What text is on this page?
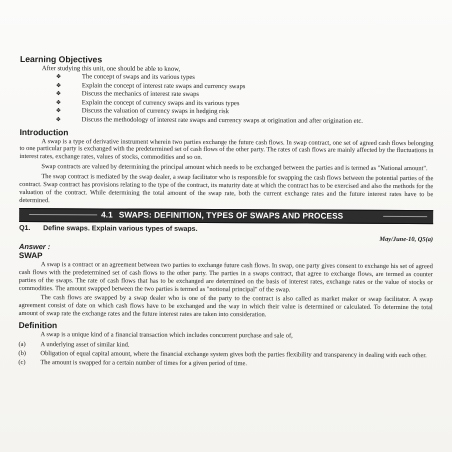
Learning Objectives
After studying this unit, one should be able to know,
❖	The concept of swaps and its various types
❖	Explain the concept of interest rate swaps and currency swaps
❖	Discuss the mechanics of interest rate swaps
❖	Explain the concept of currency swaps and its various types
❖	Discuss the valuation of currency swaps in hedging risk
❖	Discuss the methodology of interest rate swaps and currency swaps at origination and after origination etc.
Introduction

A swap is a type of derivative instrument wherein two parties exchange the future cash flows. In swap contract, one set of agreed cash flows belonging to one particular party is exchanged with the predetermined set of cash flows of the other party. The rates of cash flows are mainly affected by the fluctuations in interest rates, exchange rates, values of stocks, commodities and so on.

Swap contracts are valued by determining the principal amount which needs to be exchanged between the parties and is termed as "National amount".

The swap contract is mediated by the swap dealer, a swap facilitator who is responsible for swapping the cash flows between the potential parties of the contract. Swap contract has provisions relating to the type of the contract, its maturity date at which the contract has to be exercised and also the methods for the valuation of the contract. While determining the total amount of the swap rate, both the current exchange rates and the future interest rates have to be determined.

4.1 SWAPS: DEFINITION, TYPES OF SWAPS AND PROCESS
Q1.	Define swaps. Explain various types of swaps.
May/June-10, Q5(a)
Answer :
SWAP

A swap is a contract or an agreement between two parties to exchange future cash flows. In swap, one party gives consent to exchange his set of agreed cash flows with the predetermined set of cash flows to the other party. The parties in a swaps contract, that agree to exchange flows, are termed as counter parties of the swaps. The rate of cash flows that has to be exchanged are determined on the basis of interest rates, exchange rates or the value of stocks or commodities. The amount swapped between the two parties is termed as "notional principal" of the swap.

The cash flows are swapped by a swap dealer who is one of the party to the contract is also called as market maker or swap facilitator. A swap agreement consist of date on which cash flows have to be exchanged and the way in which their value is determined or calculated. To determine the total amount of swap rate the exchange rates and the future interest rates are taken into consideration.

Definition

A swap is a unique kind of a financial transaction which includes concurrent purchase and sale of,

(a)	A underlying asset of similar kind.
(b)	Obligation of equal capital amount, where the financial exchange system gives both the parties flexibility and transparency in dealing with each other.
(c)	The amount is swapped for a certain number of times for a given period of time.
